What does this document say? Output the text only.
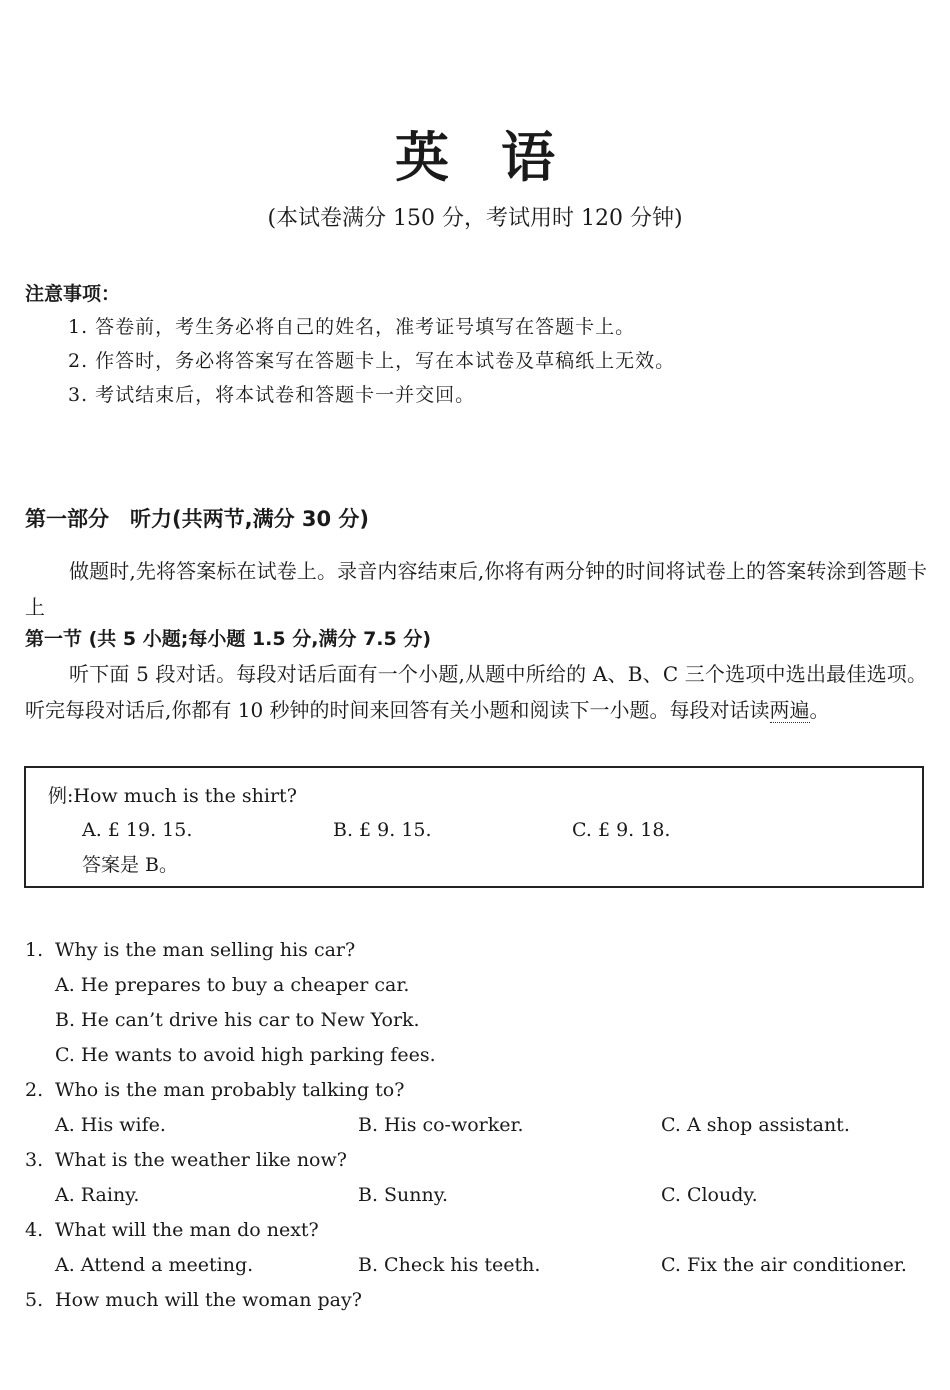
英语
(本试卷满分 150 分，考试用时 120 分钟)
注意事项：
1. 答卷前，考生务必将自己的姓名，准考证号填写在答题卡上。
2. 作答时，务必将答案写在答题卡上，写在本试卷及草稿纸上无效。
3. 考试结束后，将本试卷和答题卡一并交回。
第一部分　听力(共两节,满分 30 分)
做题时,先将答案标在试卷上。录音内容结束后,你将有两分钟的时间将试卷上的答案转涂到答题卡上
第一节 (共 5 小题;每小题 1.5 分,满分 7.5 分)
听下面 5 段对话。每段对话后面有一个小题,从题中所给的 A、B、C 三个选项中选出最佳选项。听完每段对话后,你都有 10 秒钟的时间来回答有关小题和阅读下一小题。每段对话读两遍。
例:How much is the shirt?
A. £ 19. 15.	B. £ 9. 15.	C. £ 9. 18.
答案是 B。
1. Why is the man selling his car?
A. He prepares to buy a cheaper car.
B. He can’t drive his car to New York.
C. He wants to avoid high parking fees.
2. Who is the man probably talking to?
A. His wife.	B. His co-worker.	C. A shop assistant.
3. What is the weather like now?
A. Rainy.	B. Sunny.	C. Cloudy.
4. What will the man do next?
A. Attend a meeting.	B. Check his teeth.	C. Fix the air conditioner.
5. How much will the woman pay?
